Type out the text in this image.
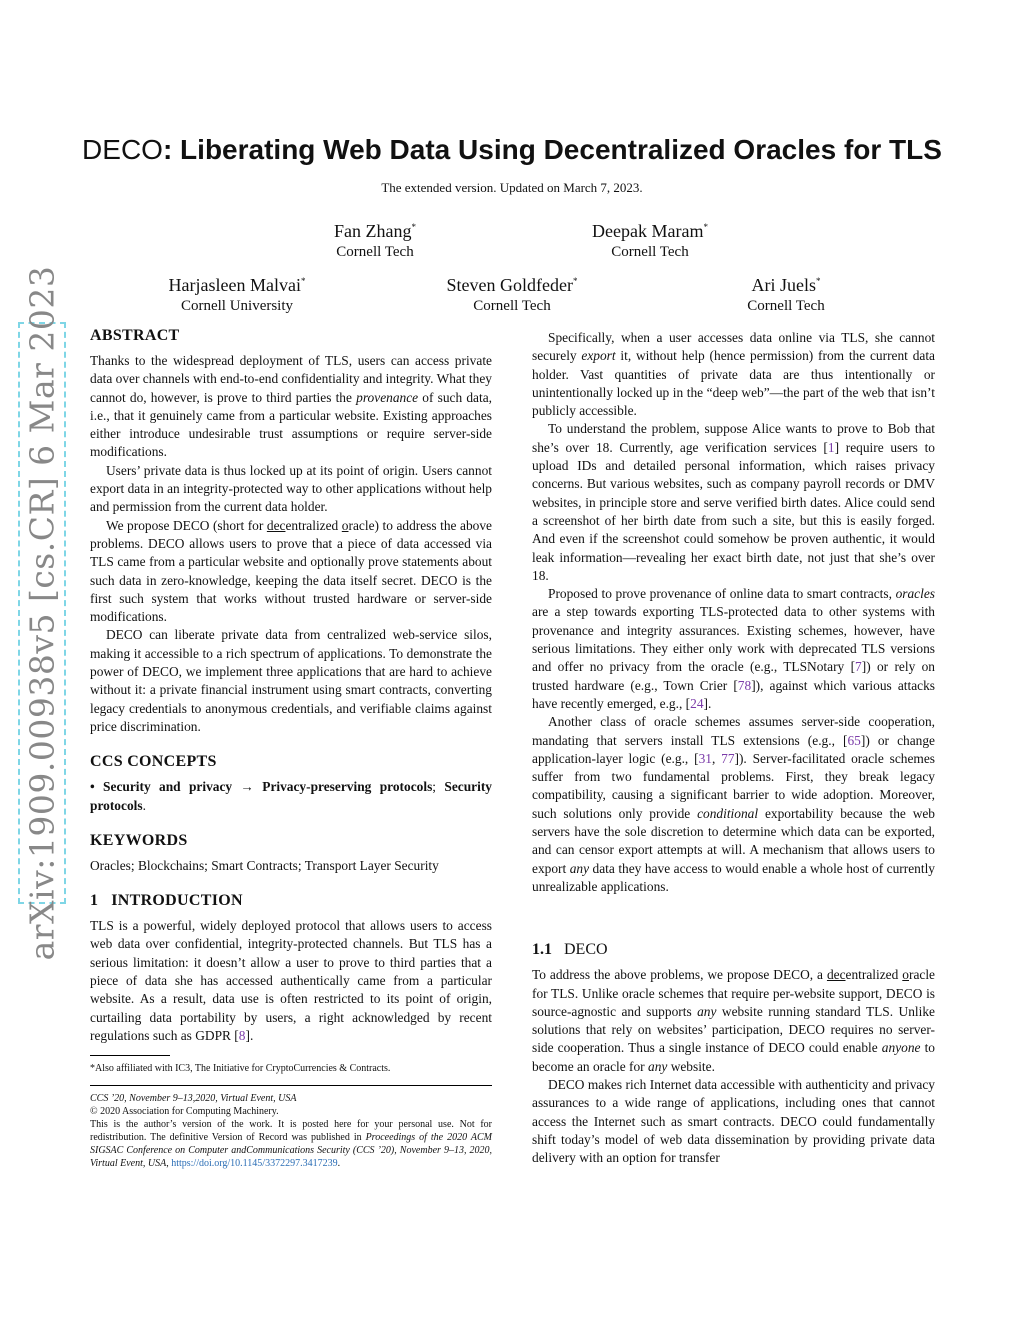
arXiv:1909.00938v5 [cs.CR] 6 Mar 2023
DECO: Liberating Web Data Using Decentralized Oracles for TLS
The extended version. Updated on March 7, 2023.
Fan Zhang*
Cornell Tech
Deepak Maram*
Cornell Tech
Harjasleen Malvai*
Cornell University
Steven Goldfeder*
Cornell Tech
Ari Juels*
Cornell Tech
ABSTRACT

Thanks to the widespread deployment of TLS, users can access private data over channels with end-to-end confidentiality and integrity. What they cannot do, however, is prove to third parties the provenance of such data, i.e., that it genuinely came from a particular website. Existing approaches either introduce undesirable trust assumptions or require server-side modifications.

Users’ private data is thus locked up at its point of origin. Users cannot export data in an integrity-protected way to other applications without help and permission from the current data holder.

We propose DECO (short for decentralized oracle) to address the above problems. DECO allows users to prove that a piece of data accessed via TLS came from a particular website and optionally prove statements about such data in zero-knowledge, keeping the data itself secret. DECO is the first such system that works without trusted hardware or server-side modifications.

DECO can liberate private data from centralized web-service silos, making it accessible to a rich spectrum of applications. To demonstrate the power of DECO, we implement three applications that are hard to achieve without it: a private financial instrument using smart contracts, converting legacy credentials to anonymous credentials, and verifiable claims against price discrimination.

CCS CONCEPTS

• Security and privacy → Privacy-preserving protocols; Security protocols.

KEYWORDS

Oracles; Blockchains; Smart Contracts; Transport Layer Security

1 INTRODUCTION

TLS is a powerful, widely deployed protocol that allows users to access web data over confidential, integrity-protected channels. But TLS has a serious limitation: it doesn’t allow a user to prove to third parties that a piece of data she has accessed authentically came from a particular website. As a result, data use is often restricted to its point of origin, curtailing data portability by users, a right acknowledged by recent regulations such as GDPR [8].

*Also affiliated with IC3, The Initiative for CryptoCurrencies & Contracts.
CCS ’20, November 9–13,2020, Virtual Event, USA
© 2020 Association for Computing Machinery.
This is the author’s version of the work. It is posted here for your personal use. Not for redistribution. The definitive Version of Record was published in Proceedings of the 2020 ACM SIGSAC Conference on Computer andCommunications Security (CCS ’20), November 9–13, 2020, Virtual Event, USA, https://doi.org/10.1145/3372297.3417239.

Specifically, when a user accesses data online via TLS, she cannot securely export it, without help (hence permission) from the current data holder. Vast quantities of private data are thus intentionally or unintentionally locked up in the “deep web”—the part of the web that isn’t publicly accessible.

To understand the problem, suppose Alice wants to prove to Bob that she’s over 18. Currently, age verification services [1] require users to upload IDs and detailed personal information, which raises privacy concerns. But various websites, such as company payroll records or DMV websites, in principle store and serve verified birth dates. Alice could send a screenshot of her birth date from such a site, but this is easily forged. And even if the screenshot could somehow be proven authentic, it would leak information—revealing her exact birth date, not just that she’s over 18.

Proposed to prove provenance of online data to smart contracts, oracles are a step towards exporting TLS-protected data to other systems with provenance and integrity assurances. Existing schemes, however, have serious limitations. They either only work with deprecated TLS versions and offer no privacy from the oracle (e.g., TLSNotary [7]) or rely on trusted hardware (e.g., Town Crier [78]), against which various attacks have recently emerged, e.g., [24].

Another class of oracle schemes assumes server-side cooperation, mandating that servers install TLS extensions (e.g., [65]) or change application-layer logic (e.g., [31, 77]). Server-facilitated oracle schemes suffer from two fundamental problems. First, they break legacy compatibility, causing a significant barrier to wide adoption. Moreover, such solutions only provide conditional exportability because the web servers have the sole discretion to determine which data can be exported, and can censor export attempts at will. A mechanism that allows users to export any data they have access to would enable a whole host of currently unrealizable applications.

1.1 DECO

To address the above problems, we propose DECO, a decentralized oracle for TLS. Unlike oracle schemes that require per-website support, DECO is source-agnostic and supports any website running standard TLS. Unlike solutions that rely on websites’ participation, DECO requires no server-side cooperation. Thus a single instance of DECO could enable anyone to become an oracle for any website.

DECO makes rich Internet data accessible with authenticity and privacy assurances to a wide range of applications, including ones that cannot access the Internet such as smart contracts. DECO could fundamentally shift today’s model of web data dissemination by providing private data delivery with an option for transfer
